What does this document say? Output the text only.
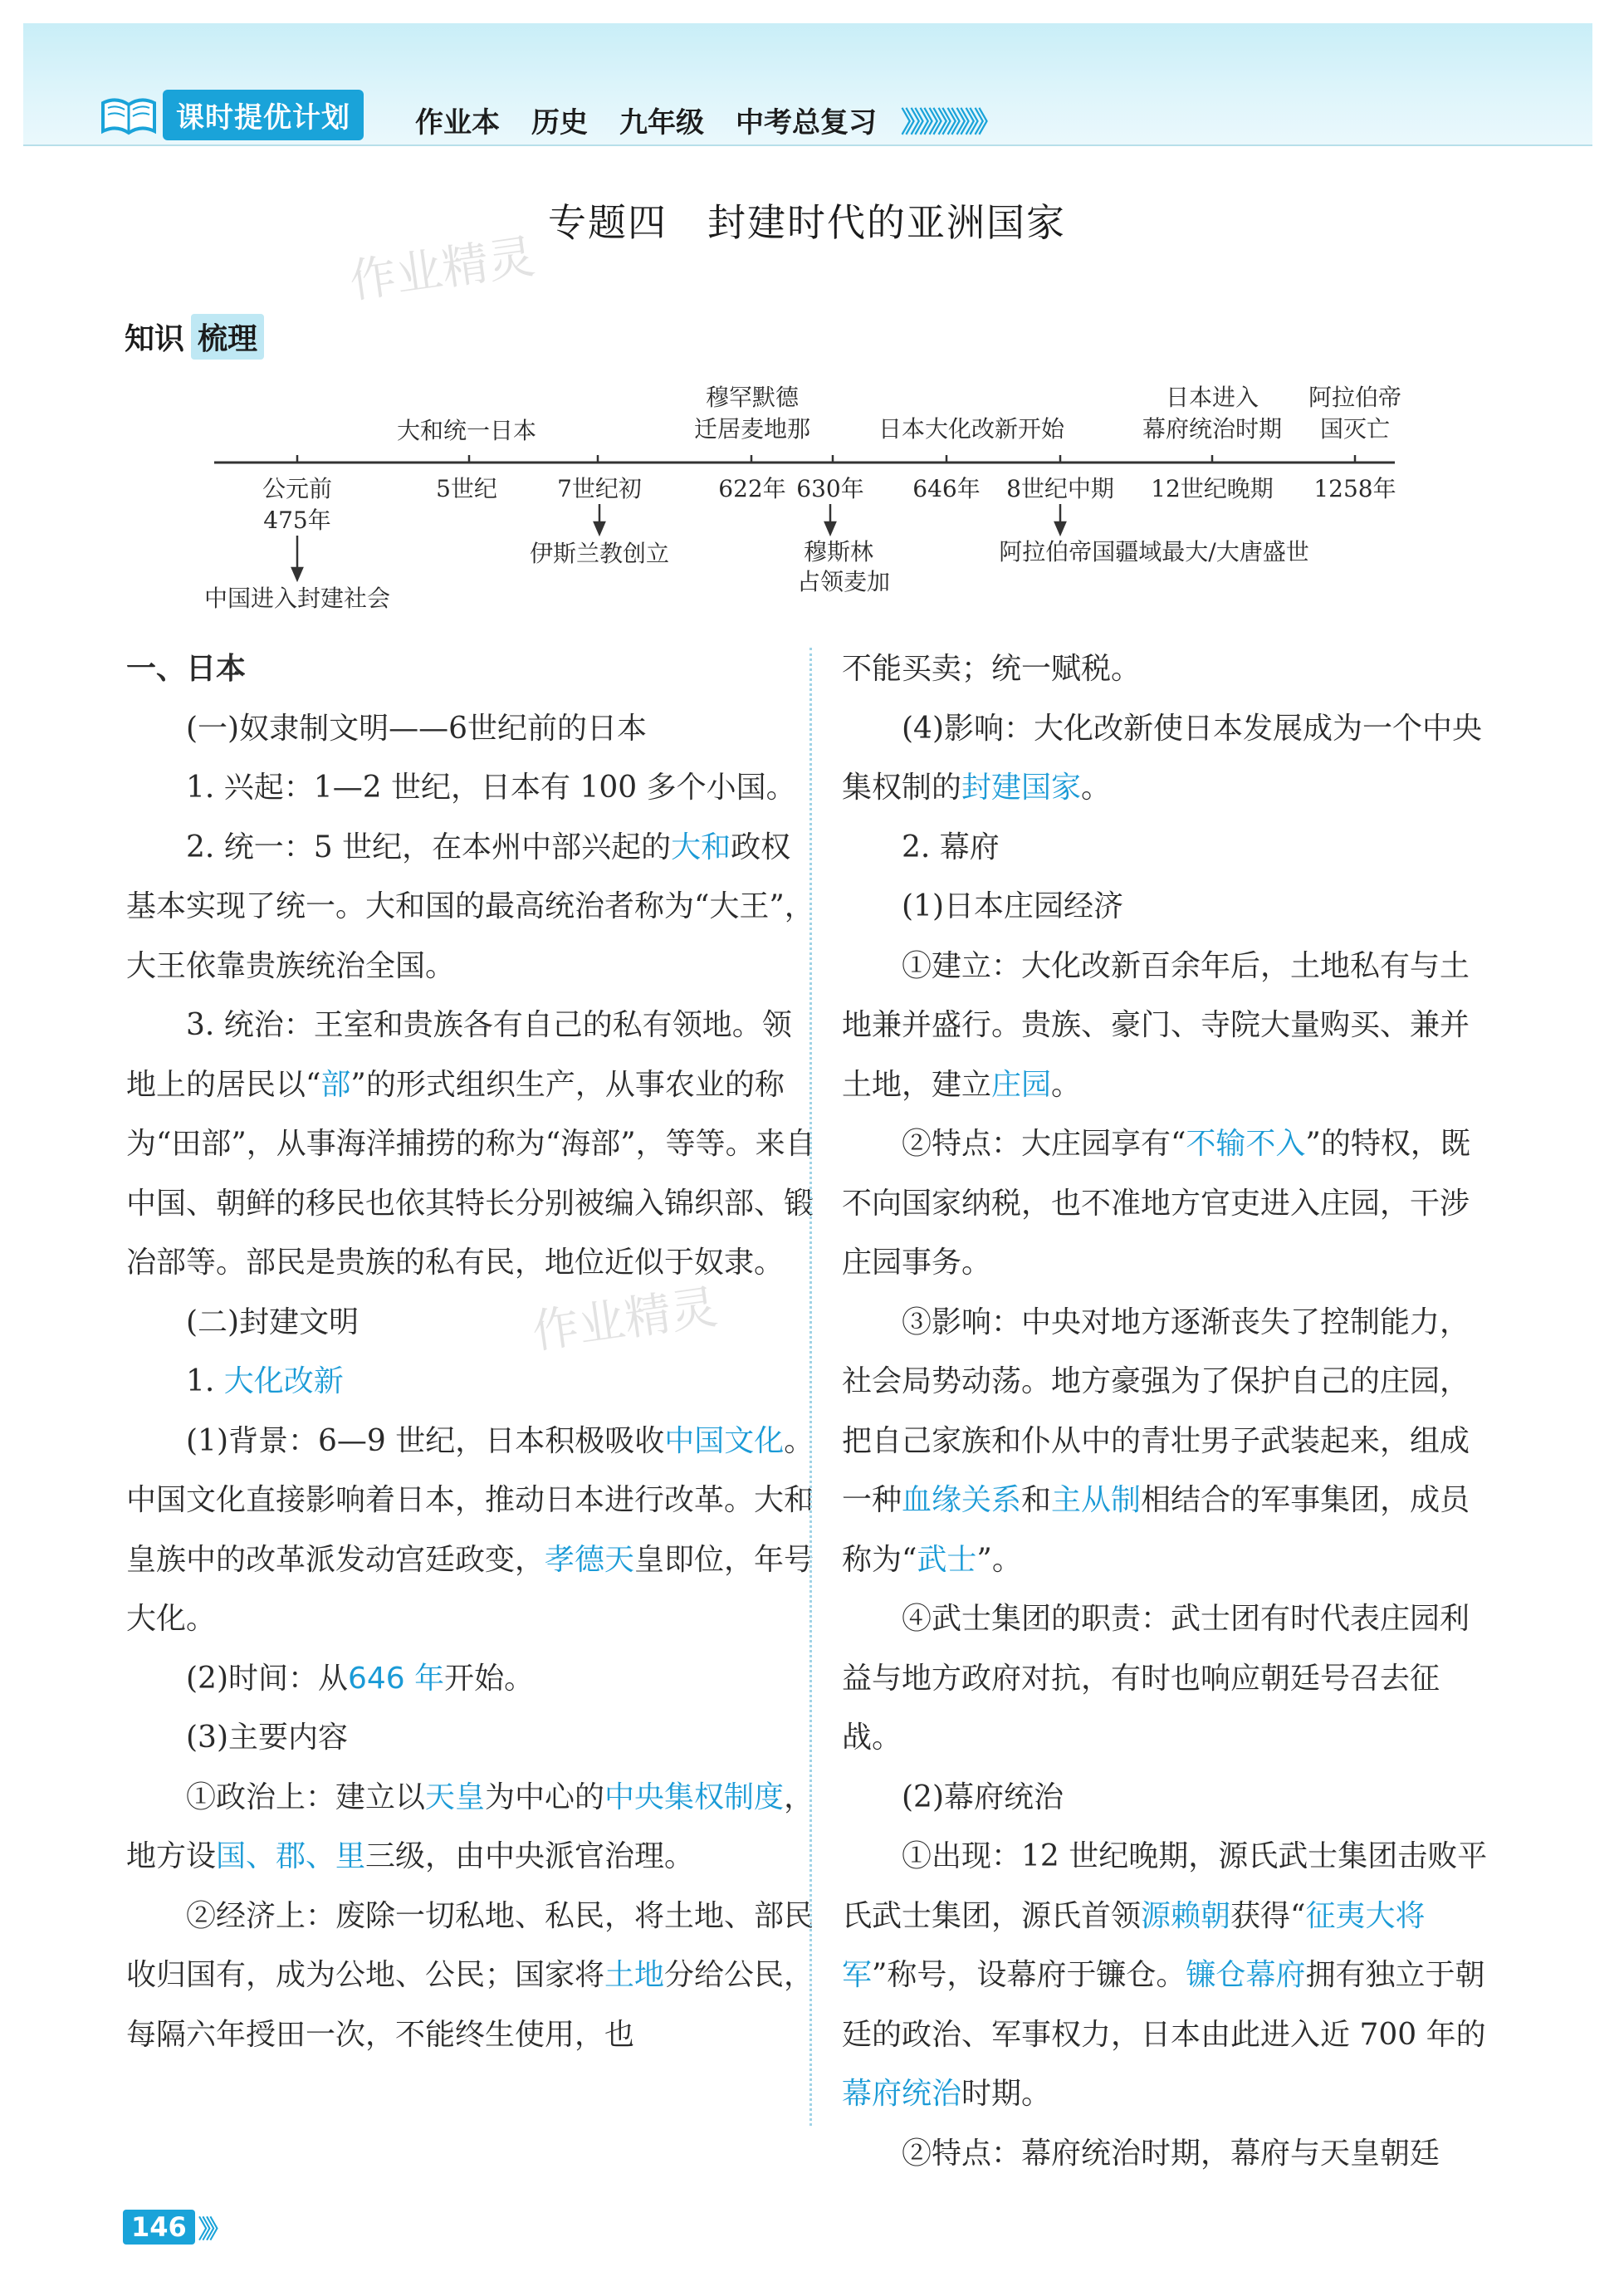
课时提优计划	作业本 历史 九年级 中考总复习 》》》》》》》》》
专题四　封建时代的亚洲国家
作业精灵
知识 梳理
公元前
475年
5世纪	7世纪初	622年 630年 646年 8世纪中期 12世纪晚期 1258年
大和统一日本
穆罕默德
迁居麦地那	日本大化改新开始
日本进入
幕府统治时期
阿拉伯帝
国灭亡
中国进入封建社会
伊斯兰教创立	穆斯林
占领麦加
阿拉伯帝国疆域最大/大唐盛世

一、日本

(一)奴隶制文明——6世纪前的日本

1. 兴起：1—2 世纪，日本有 100 多个小国。

2. 统一：5 世纪，在本州中部兴起的大和政权基本实现了统一。大和国的最高统治者称为“大王”，大王依靠贵族统治全国。

3. 统治：王室和贵族各有自己的私有领地。领地上的居民以“部”的形式组织生产，从事农业的称为“田部”，从事海洋捕捞的称为“海部”，等等。来自中国、朝鲜的移民也依其特长分别被编入锦织部、锻冶部等。部民是贵族的私有民，地位近似于奴隶。

(二)封建文明

1. 大化改新

(1)背景：6—9 世纪，日本积极吸收中国文化。中国文化直接影响着日本，推动日本进行改革。大和皇族中的改革派发动宫廷政变，孝德天皇即位，年号大化。

(2)时间：从646 年开始。

(3)主要内容

①政治上：建立以天皇为中心的中央集权制度，地方设国、郡、里三级，由中央派官治理。

②经济上：废除一切私地、私民，将土地、部民收归国有，成为公地、公民；国家将土地分给公民，每隔六年授田一次，不能终生使用，也

作业精灵

不能买卖；统一赋税。

(4)影响：大化改新使日本发展成为一个中央集权制的封建国家。

2. 幕府

(1)日本庄园经济

①建立：大化改新百余年后，土地私有与土地兼并盛行。贵族、豪门、寺院大量购买、兼并土地，建立庄园。

②特点：大庄园享有“不输不入”的特权，既不向国家纳税，也不准地方官吏进入庄园，干涉庄园事务。

③影响：中央对地方逐渐丧失了控制能力，社会局势动荡。地方豪强为了保护自己的庄园，把自己家族和仆从中的青壮男子武装起来，组成一种血缘关系和主从制相结合的军事集团，成员称为“武士”。

④武士集团的职责：武士团有时代表庄园利益与地方政府对抗，有时也响应朝廷号召去征战。

(2)幕府统治

①出现：12 世纪晚期，源氏武士集团击败平氏武士集团，源氏首领源赖朝获得“征夷大将军”称号，设幕府于镰仓。镰仓幕府拥有独立于朝廷的政治、军事权力，日本由此进入近 700 年的幕府统治时期。

②特点：幕府统治时期，幕府与天皇朝廷

146 》》
